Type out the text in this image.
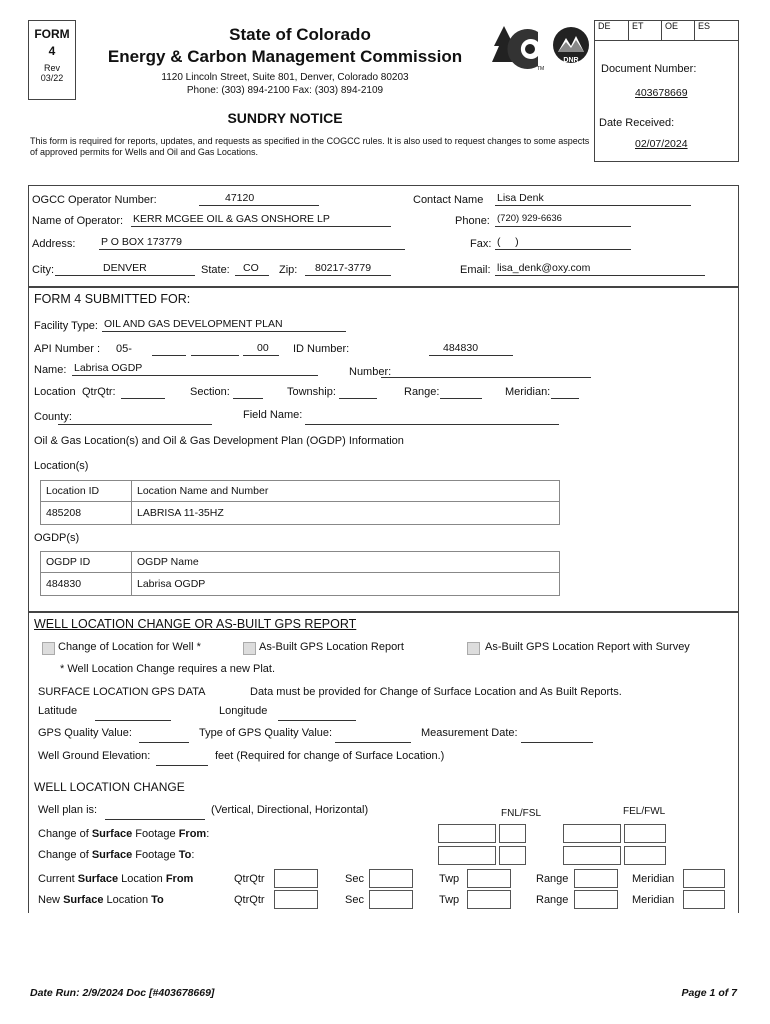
FORM
4
Rev
03/22
State of Colorado
Energy & Carbon Management Commission
1120 Lincoln Street, Suite 801, Denver, Colorado 80203
Phone: (303) 894-2100 Fax: (303) 894-2109
TM
DNR
SUNDRY NOTICE
This form is required for reports, updates, and requests as specified in the COGCC rules. It is also used to request changes to some aspects of approved permits for Wells and Oil and Gas Locations.
DE	ET	OE	ES
Document Number:
403678669
Date Received:
02/07/2024
OGCC Operator Number:	47120	Contact Name Lisa Denk
Name of Operator: KERR MCGEE OIL & GAS ONSHORE LP	Phone: (720) 929-6636
Address: P O BOX 173779	Fax: (     )
City:	DENVER	State: CO Zip: 80217-3779	Email: lisa_denk@oxy.com
FORM 4 SUBMITTED FOR:
Facility Type: OIL AND GAS DEVELOPMENT PLAN
API Number : 05-	00 ID Number:	484830
Name: Labrisa OGDP	Number:
Location QtrQtr:	Section:	Township:	Range:	Meridian:
County:	Field Name:
Oil & Gas Location(s) and Oil & Gas Development Plan (OGDP) Information
Location(s)
Location ID	Location Name and Number
485208	LABRISA 11-35HZ
OGDP(s)
OGDP ID	OGDP Name
484830	Labrisa OGDP
WELL LOCATION CHANGE OR AS-BUILT GPS REPORT
Change of Location for Well *	As-Built GPS Location Report	As-Built GPS Location Report with Survey
* Well Location Change requires a new Plat.
SURFACE LOCATION GPS DATA	Data must be provided for Change of Surface Location and As Built Reports.
Latitude	Longitude
GPS Quality Value:	Type of GPS Quality Value:	Measurement Date:
Well Ground Elevation:	feet (Required for change of Surface Location.)
WELL LOCATION CHANGE
Well plan is:	(Vertical, Directional, Horizontal)	FNL/FSL	FEL/FWL
Change of Surface Footage From:
Change of Surface Footage To:
Current Surface Location From	QtrQtr	Sec	Twp	Range	Meridian
New Surface Location To	QtrQtr	Sec	Twp	Range	Meridian
Date Run: 2/9/2024 Doc [#403678669]	Page 1 of 7
